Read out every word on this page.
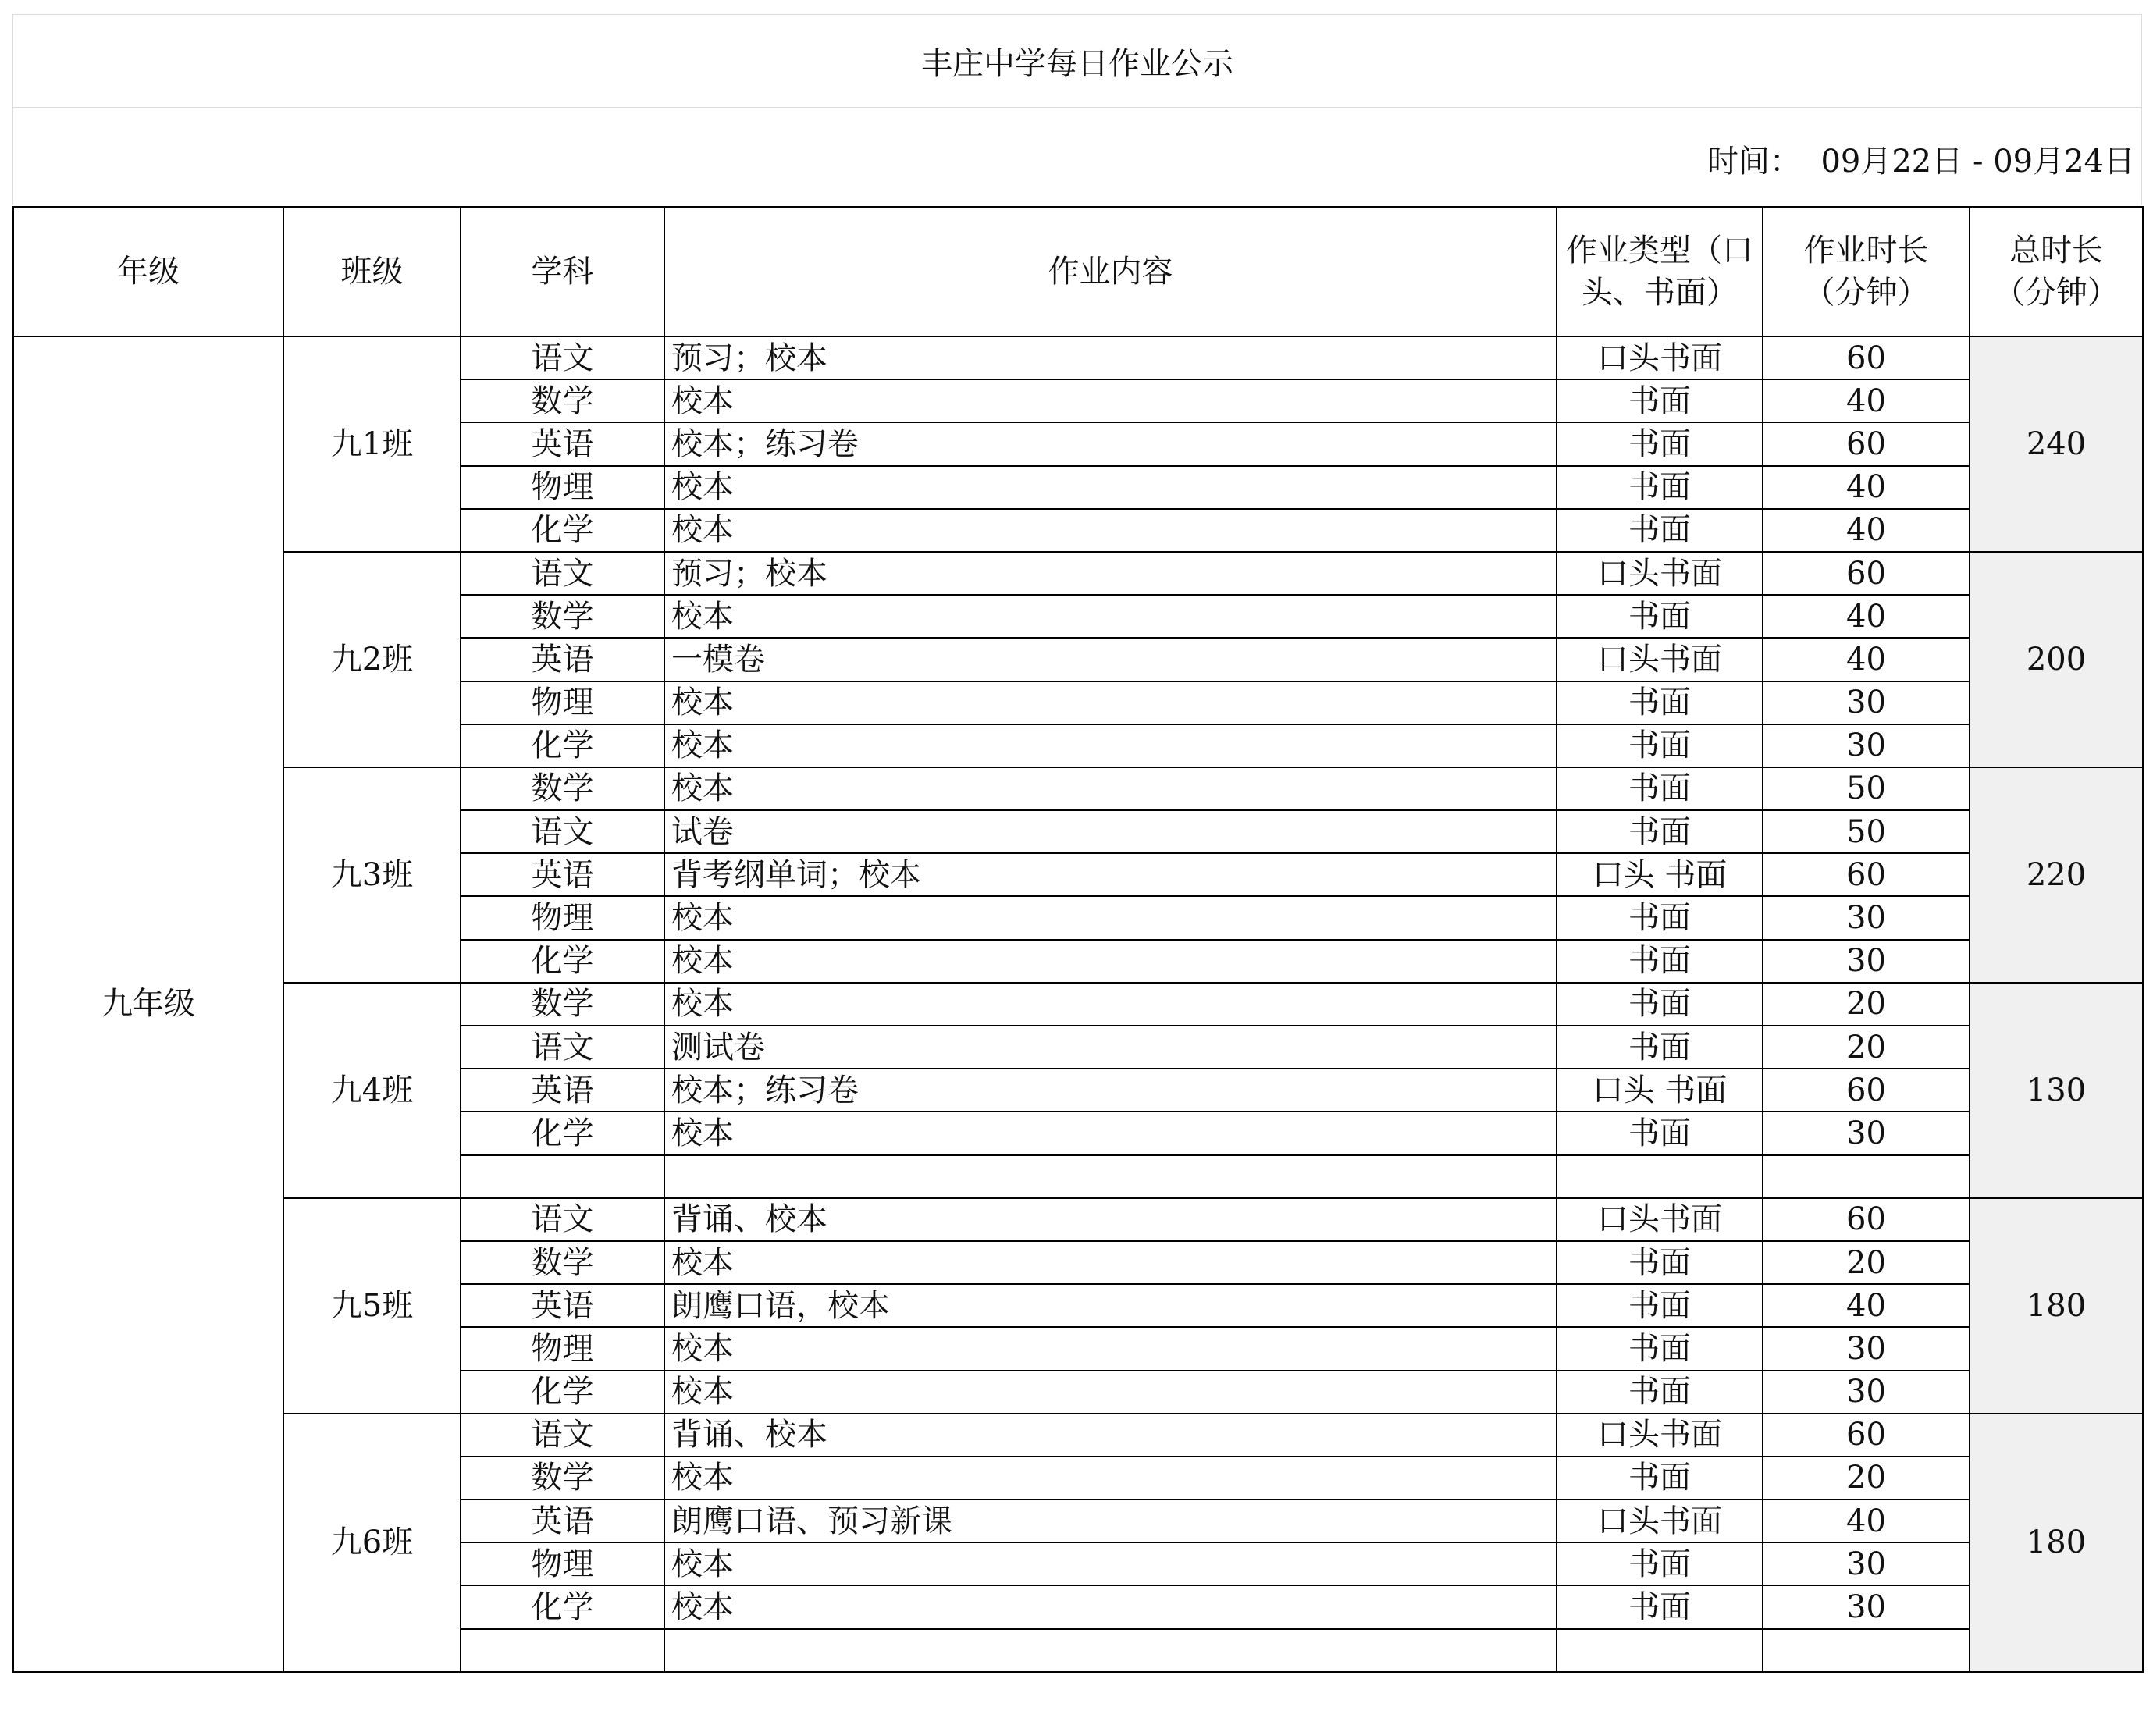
丰庄中学每日作业公示
时间：  09月22日 - 09月24日
年级	班级	学科	作业内容	作业类型（口头、书面）	作业时长（分钟）	总时长（分钟）
九年级	九1班	语文	预习；校本	口头书面	60	240
		数学	校本	书面	40	
		英语	校本；练习卷	书面	60	
		物理	校本	书面	40	
		化学	校本	书面	40	
	九2班	语文	预习；校本	口头书面	60	200
		数学	校本	书面	40	
		英语	一模卷	口头书面	40	
		物理	校本	书面	30	
		化学	校本	书面	30	
	九3班	数学	校本	书面	50	220
		语文	试卷	书面	50	
		英语	背考纲单词；校本	口头 书面	60	
		物理	校本	书面	30	
		化学	校本	书面	30	
	九4班	数学	校本	书面	20	130
		语文	测试卷	书面	20	
		英语	校本；练习卷	口头 书面	60	
		化学	校本	书面	30	

	九5班	语文	背诵、校本	口头书面	60	180
		数学	校本	书面	20	
		英语	朗鹰口语，校本	书面	40	
		物理	校本	书面	30	
		化学	校本	书面	30	
	九6班	语文	背诵、校本	口头书面	60	180
		数学	校本	书面	20	
		英语	朗鹰口语、预习新课	口头书面	40	
		物理	校本	书面	30	
		化学	校本	书面	30	
